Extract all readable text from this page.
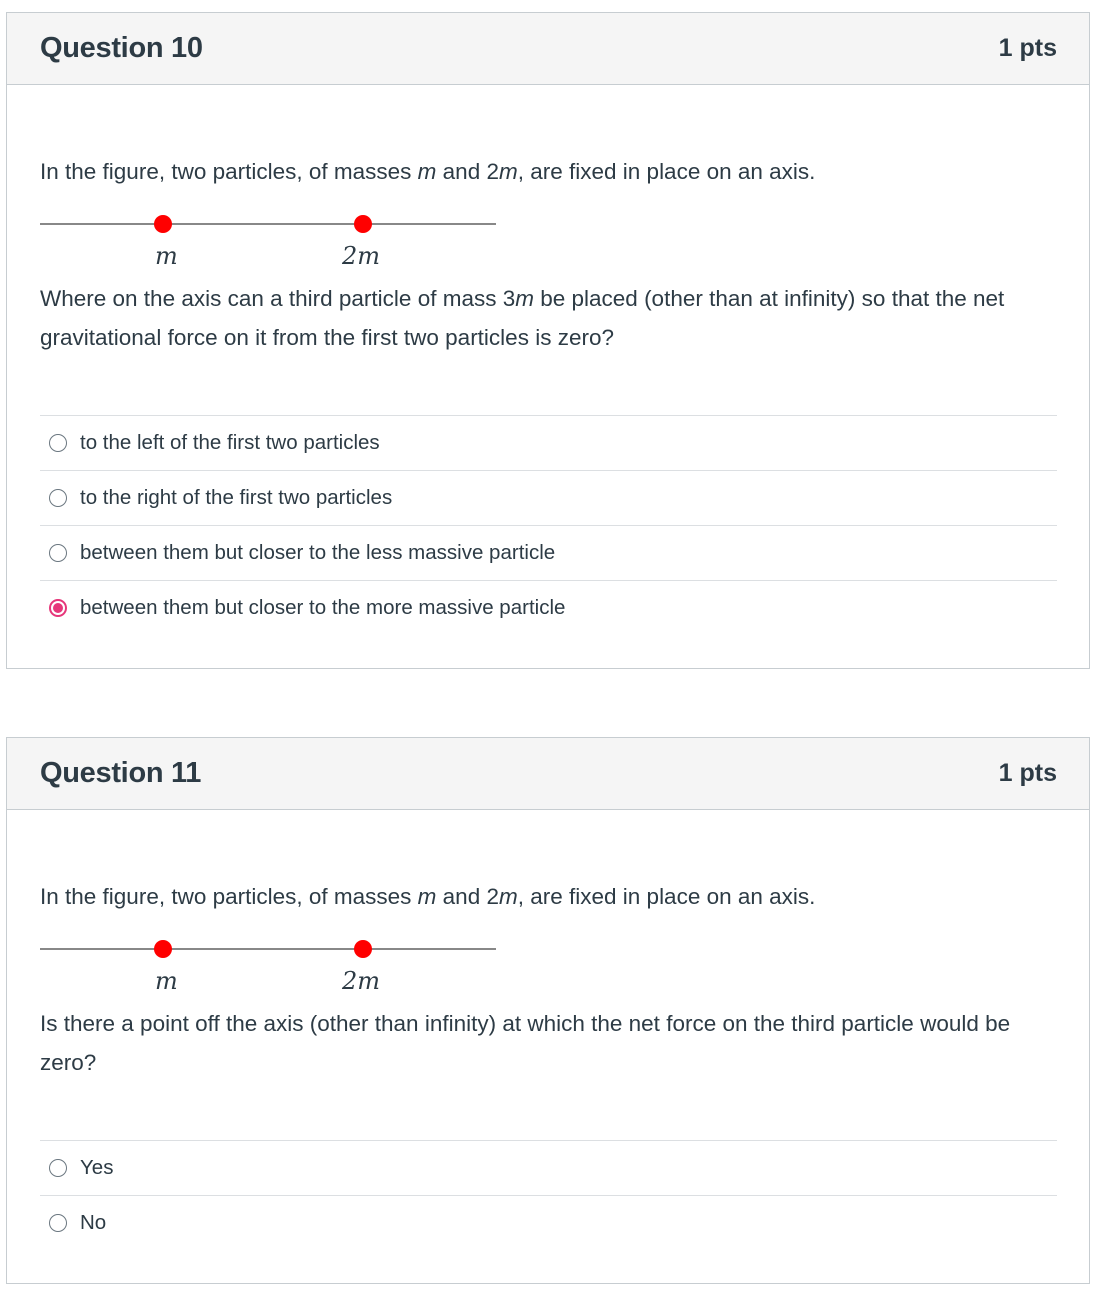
Question 10	1 pts

In the figure, two particles, of masses m and 2m, are fixed in place on an axis.

m	2m

Where on the axis can a third particle of mass 3m be placed (other than at infinity) so that the net gravitational force on it from the first two particles is zero?

to the left of the first two particles
to the right of the first two particles
between them but closer to the less massive particle
between them but closer to the more massive particle
Question 11	1 pts

In the figure, two particles, of masses m and 2m, are fixed in place on an axis.

m	2m

Is there a point off the axis (other than infinity) at which the net force on the third particle would be zero?

Yes
No
